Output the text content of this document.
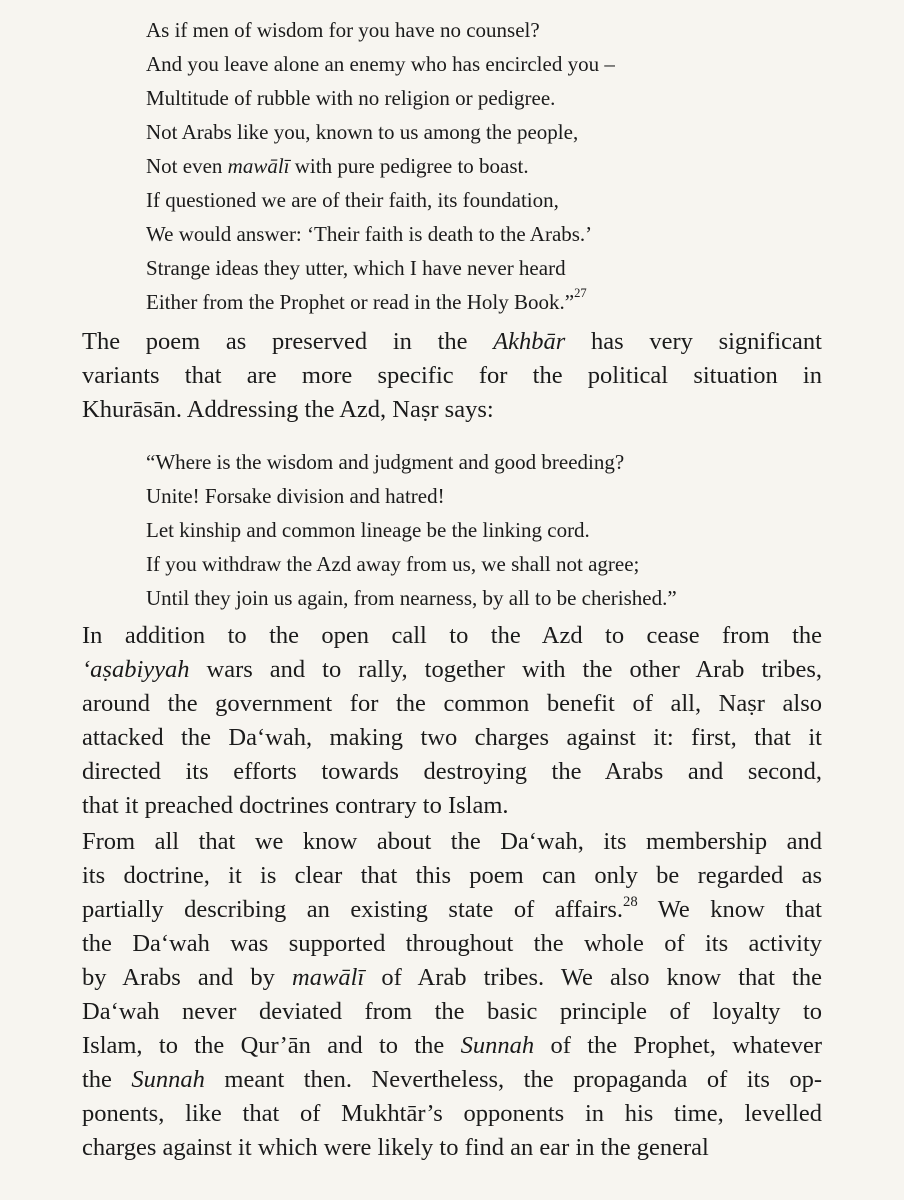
As if men of wisdom for you have no counsel?
And you leave alone an enemy who has encircled you –
Multitude of rubble with no religion or pedigree.
Not Arabs like you, known to us among the people,
Not even mawālī with pure pedigree to boast.
If questioned we are of their faith, its foundation,
We would answer: ‘Their faith is death to the Arabs.’
Strange ideas they utter, which I have never heard
Either from the Prophet or read in the Holy Book.”$^{27}$
The poem as preserved in the Akhbār has very significant
variants that are more specific for the political situation in
Khurāsān. Addressing the Azd, Naṣr says:
“Where is the wisdom and judgment and good breeding?
Unite! Forsake division and hatred!
Let kinship and common lineage be the linking cord.
If you withdraw the Azd away from us, we shall not agree;
Until they join us again, from nearness, by all to be cherished.”
In addition to the open call to the Azd to cease from the
‘aṣabiyyah wars and to rally, together with the other Arab tribes,
around the government for the common benefit of all, Naṣr also
attacked the Da‘wah, making two charges against it: first, that it
directed its efforts towards destroying the Arabs and second,
that it preached doctrines contrary to Islam.
From all that we know about the Da‘wah, its membership and
its doctrine, it is clear that this poem can only be regarded as
partially describing an existing state of affairs.$^{28}$ We know that
the Da‘wah was supported throughout the whole of its activity
by Arabs and by mawālī of Arab tribes. We also know that the
Da‘wah never deviated from the basic principle of loyalty to
Islam, to the Qur’ān and to the Sunnah of the Prophet, whatever
the Sunnah meant then. Nevertheless, the propaganda of its op-
ponents, like that of Mukhtār’s opponents in his time, levelled
charges against it which were likely to find an ear in the general
